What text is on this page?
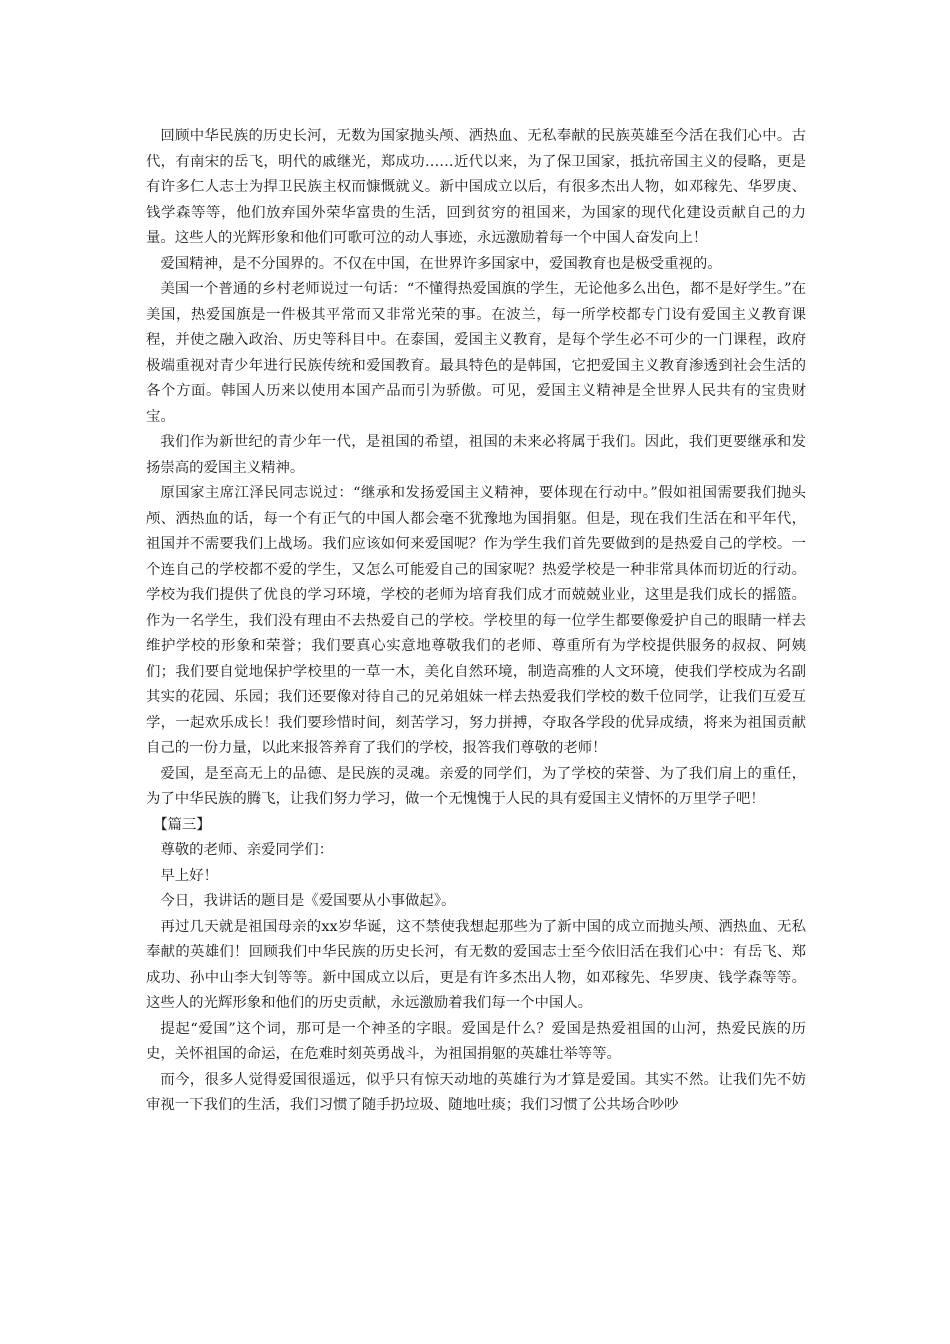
回顾中华民族的历史长河，无数为国家抛头颅、洒热血、无私奉献的民族英雄至今活在我们心中。古代，有南宋的岳飞，明代的戚继光，郑成功……近代以来，为了保卫国家，抵抗帝国主义的侵略，更是有许多仁人志士为捍卫民族主权而慷慨就义。新中国成立以后，有很多杰出人物，如邓稼先、华罗庚、钱学森等等，他们放弃国外荣华富贵的生活，回到贫穷的祖国来，为国家的现代化建设贡献自己的力量。这些人的光辉形象和他们可歌可泣的动人事迹，永远激励着每一个中国人奋发向上！

爱国精神，是不分国界的。不仅在中国，在世界许多国家中，爱国教育也是极受重视的。

美国一个普通的乡村老师说过一句话：“不懂得热爱国旗的学生，无论他多么出色，都不是好学生。”在美国，热爱国旗是一件极其平常而又非常光荣的事。在波兰，每一所学校都专门设有爱国主义教育课程，并使之融入政治、历史等科目中。在泰国，爱国主义教育，是每个学生必不可少的一门课程，政府极端重视对青少年进行民族传统和爱国教育。最具特色的是韩国，它把爱国主义教育渗透到社会生活的各个方面。韩国人历来以使用本国产品而引为骄傲。可见，爱国主义精神是全世界人民共有的宝贵财宝。

我们作为新世纪的青少年一代，是祖国的希望，祖国的未来必将属于我们。因此，我们更要继承和发扬崇高的爱国主义精神。

原国家主席江泽民同志说过：“继承和发扬爱国主义精神，要体现在行动中。”假如祖国需要我们抛头颅、洒热血的话，每一个有正气的中国人都会毫不犹豫地为国捐躯。但是，现在我们生活在和平年代，祖国并不需要我们上战场。我们应该如何来爱国呢？作为学生我们首先要做到的是热爱自己的学校。一个连自己的学校都不爱的学生，又怎么可能爱自己的国家呢？热爱学校是一种非常具体而切近的行动。学校为我们提供了优良的学习环境，学校的老师为培育我们成才而兢兢业业，这里是我们成长的摇篮。作为一名学生，我们没有理由不去热爱自己的学校。学校里的每一位学生都要像爱护自己的眼睛一样去维护学校的形象和荣誉；我们要真心实意地尊敬我们的老师、尊重所有为学校提供服务的叔叔、阿姨们；我们要自觉地保护学校里的一草一木，美化自然环境，制造高雅的人文环境，使我们学校成为名副其实的花园、乐园；我们还要像对待自己的兄弟姐妹一样去热爱我们学校的数千位同学，让我们互爱互学，一起欢乐成长！我们要珍惜时间，刻苦学习，努力拼搏，夺取各学段的优异成绩，将来为祖国贡献自己的一份力量，以此来报答养育了我们的学校，报答我们尊敬的老师！

爱国，是至高无上的品德、是民族的灵魂。亲爱的同学们，为了学校的荣誉、为了我们肩上的重任，为了中华民族的腾飞，让我们努力学习，做一个无愧愧于人民的具有爱国主义情怀的万里学子吧！

【篇三】

尊敬的老师、亲爱同学们：

早上好！

今日，我讲话的题目是《爱国要从小事做起》。

再过几天就是祖国母亲的xx岁华诞，这不禁使我想起那些为了新中国的成立而抛头颅、洒热血、无私奉献的英雄们！回顾我们中华民族的历史长河，有无数的爱国志士至今依旧活在我们心中：有岳飞、郑成功、孙中山李大钊等等。新中国成立以后，更是有许多杰出人物，如邓稼先、华罗庚、钱学森等等。这些人的光辉形象和他们的历史贡献，永远激励着我们每一个中国人。

提起“爱国”这个词，那可是一个神圣的字眼。爱国是什么？爱国是热爱祖国的山河，热爱民族的历史，关怀祖国的命运，在危难时刻英勇战斗，为祖国捐躯的英雄壮举等等。

而今，很多人觉得爱国很遥远，似乎只有惊天动地的英雄行为才算是爱国。其实不然。让我们先不妨审视一下我们的生活，我们习惯了随手扔垃圾、随地吐痰；我们习惯了公共场合吵吵
